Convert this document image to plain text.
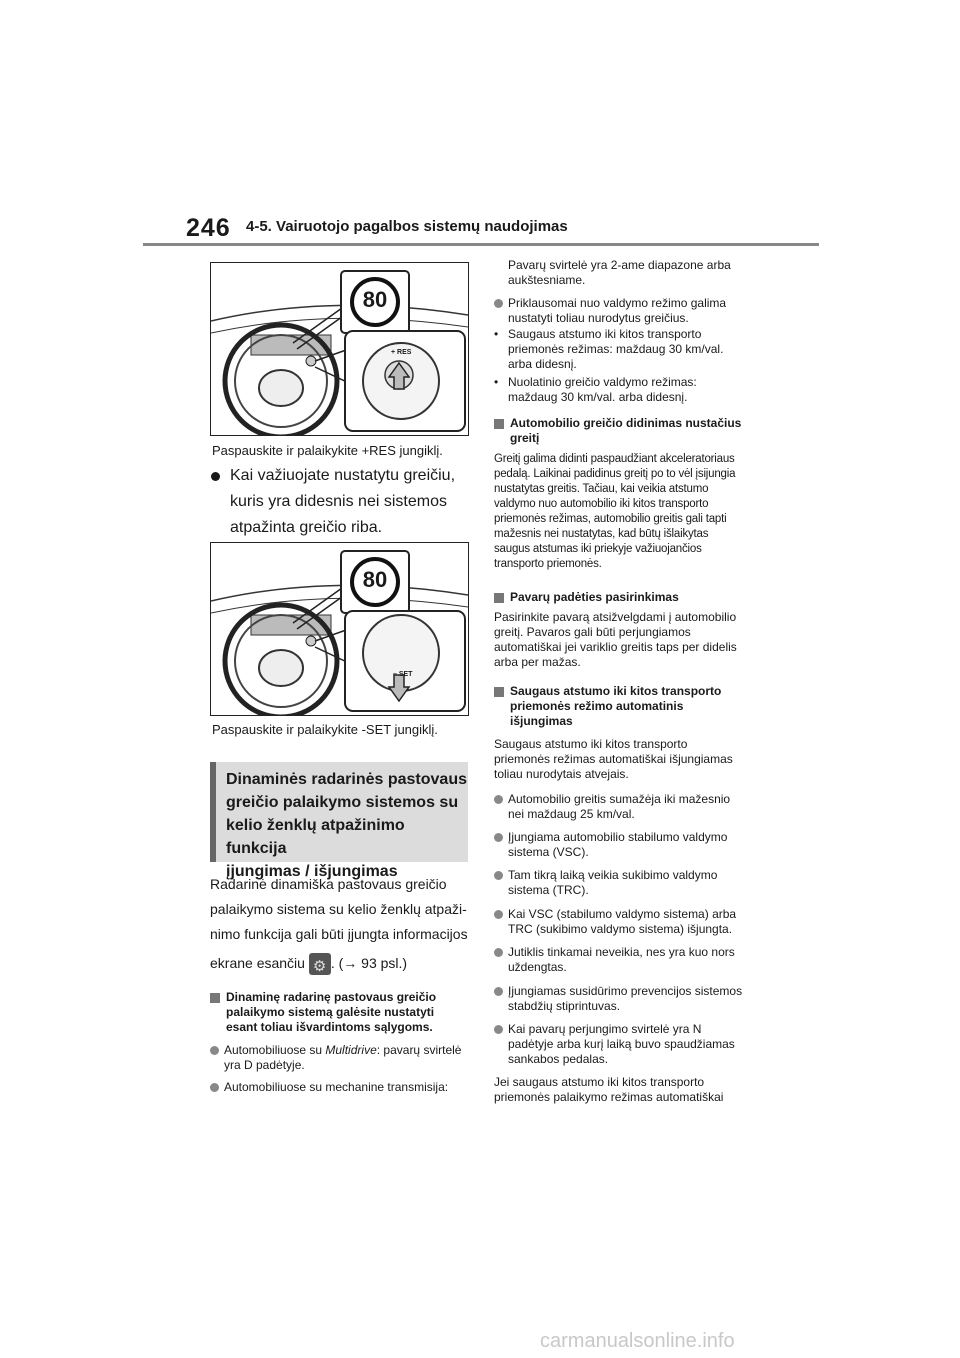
246 4-5. Vairuotojo pagalbos sistemų naudojimas
80
+ RES
Paspauskite ir palaikykite +RES jungiklį.
Kai važiuojate nustatytu greičiu,
kuris yra didesnis nei sistemos
atpažinta greičio riba.
80
– SET
Paspauskite ir palaikykite -SET jungiklį.
Dinaminės radarinės pastovaus
greičio palaikymo sistemos su
kelio ženklų atpažinimo funkcija
įjungimas / išjungimas
Radarinė dinamiška pastovaus greičio
palaikymo sistema su kelio ženklų atpaži-
nimo funkcija gali būti įjungta informacijos
ekrane esančiu ⚙ . (→ 93 psl.)
Dinaminę radarinę pastovaus greičio
palaikymo sistemą galėsite nustatyti
esant toliau išvardintoms sąlygoms.
Automobiliuose su Multidrive: pavarų svirtelė
yra D padėtyje.
Automobiliuose su mechanine transmisija:
Pavarų svirtelė yra 2-ame diapazone arba
aukštesniame.
Priklausomai nuo valdymo režimo galima
nustatyti toliau nurodytus greičius.
• Saugaus atstumo iki kitos transporto
priemonės režimas: maždaug 30 km/val.
arba didesnį.
• Nuolatinio greičio valdymo režimas:
maždaug 30 km/val. arba didesnį.
Automobilio greičio didinimas nustačius
greitį
Greitį galima didinti paspaudžiant akceleratoriaus
pedalą. Laikinai padidinus greitį po to vėl įsijungia
nustatytas greitis. Tačiau, kai veikia atstumo
valdymo nuo automobilio iki kitos transporto
priemonės režimas, automobilio greitis gali tapti
mažesnis nei nustatytas, kad būtų išlaikytas
saugus atstumas iki priekyje važiuojančios
transporto priemonės.
Pavarų padėties pasirinkimas
Pasirinkite pavarą atsižvelgdami į automobilio
greitį. Pavaros gali būti perjungiamos
automatiškai jei variklio greitis taps per didelis
arba per mažas.
Saugaus atstumo iki kitos transporto
priemonės režimo automatinis
išjungimas
Saugaus atstumo iki kitos transporto
priemonės režimas automatiškai išjungiamas
toliau nurodytais atvejais.
Automobilio greitis sumažėja iki mažesnio
nei maždaug 25 km/val.
Įjungiama automobilio stabilumo valdymo
sistema (VSC).
Tam tikrą laiką veikia sukibimo valdymo
sistema (TRC).
Kai VSC (stabilumo valdymo sistema) arba
TRC (sukibimo valdymo sistema) išjungta.
Jutiklis tinkamai neveikia, nes yra kuo nors
uždengtas.
Įjungiamas susidūrimo prevencijos sistemos
stabdžių stiprintuvas.
Kai pavarų perjungimo svirtelė yra N
padėtyje arba kurį laiką buvo spaudžiamas
sankabos pedalas.
Jei saugaus atstumo iki kitos transporto
priemonės palaikymo režimas automatiškai
carmanualsonline.info
